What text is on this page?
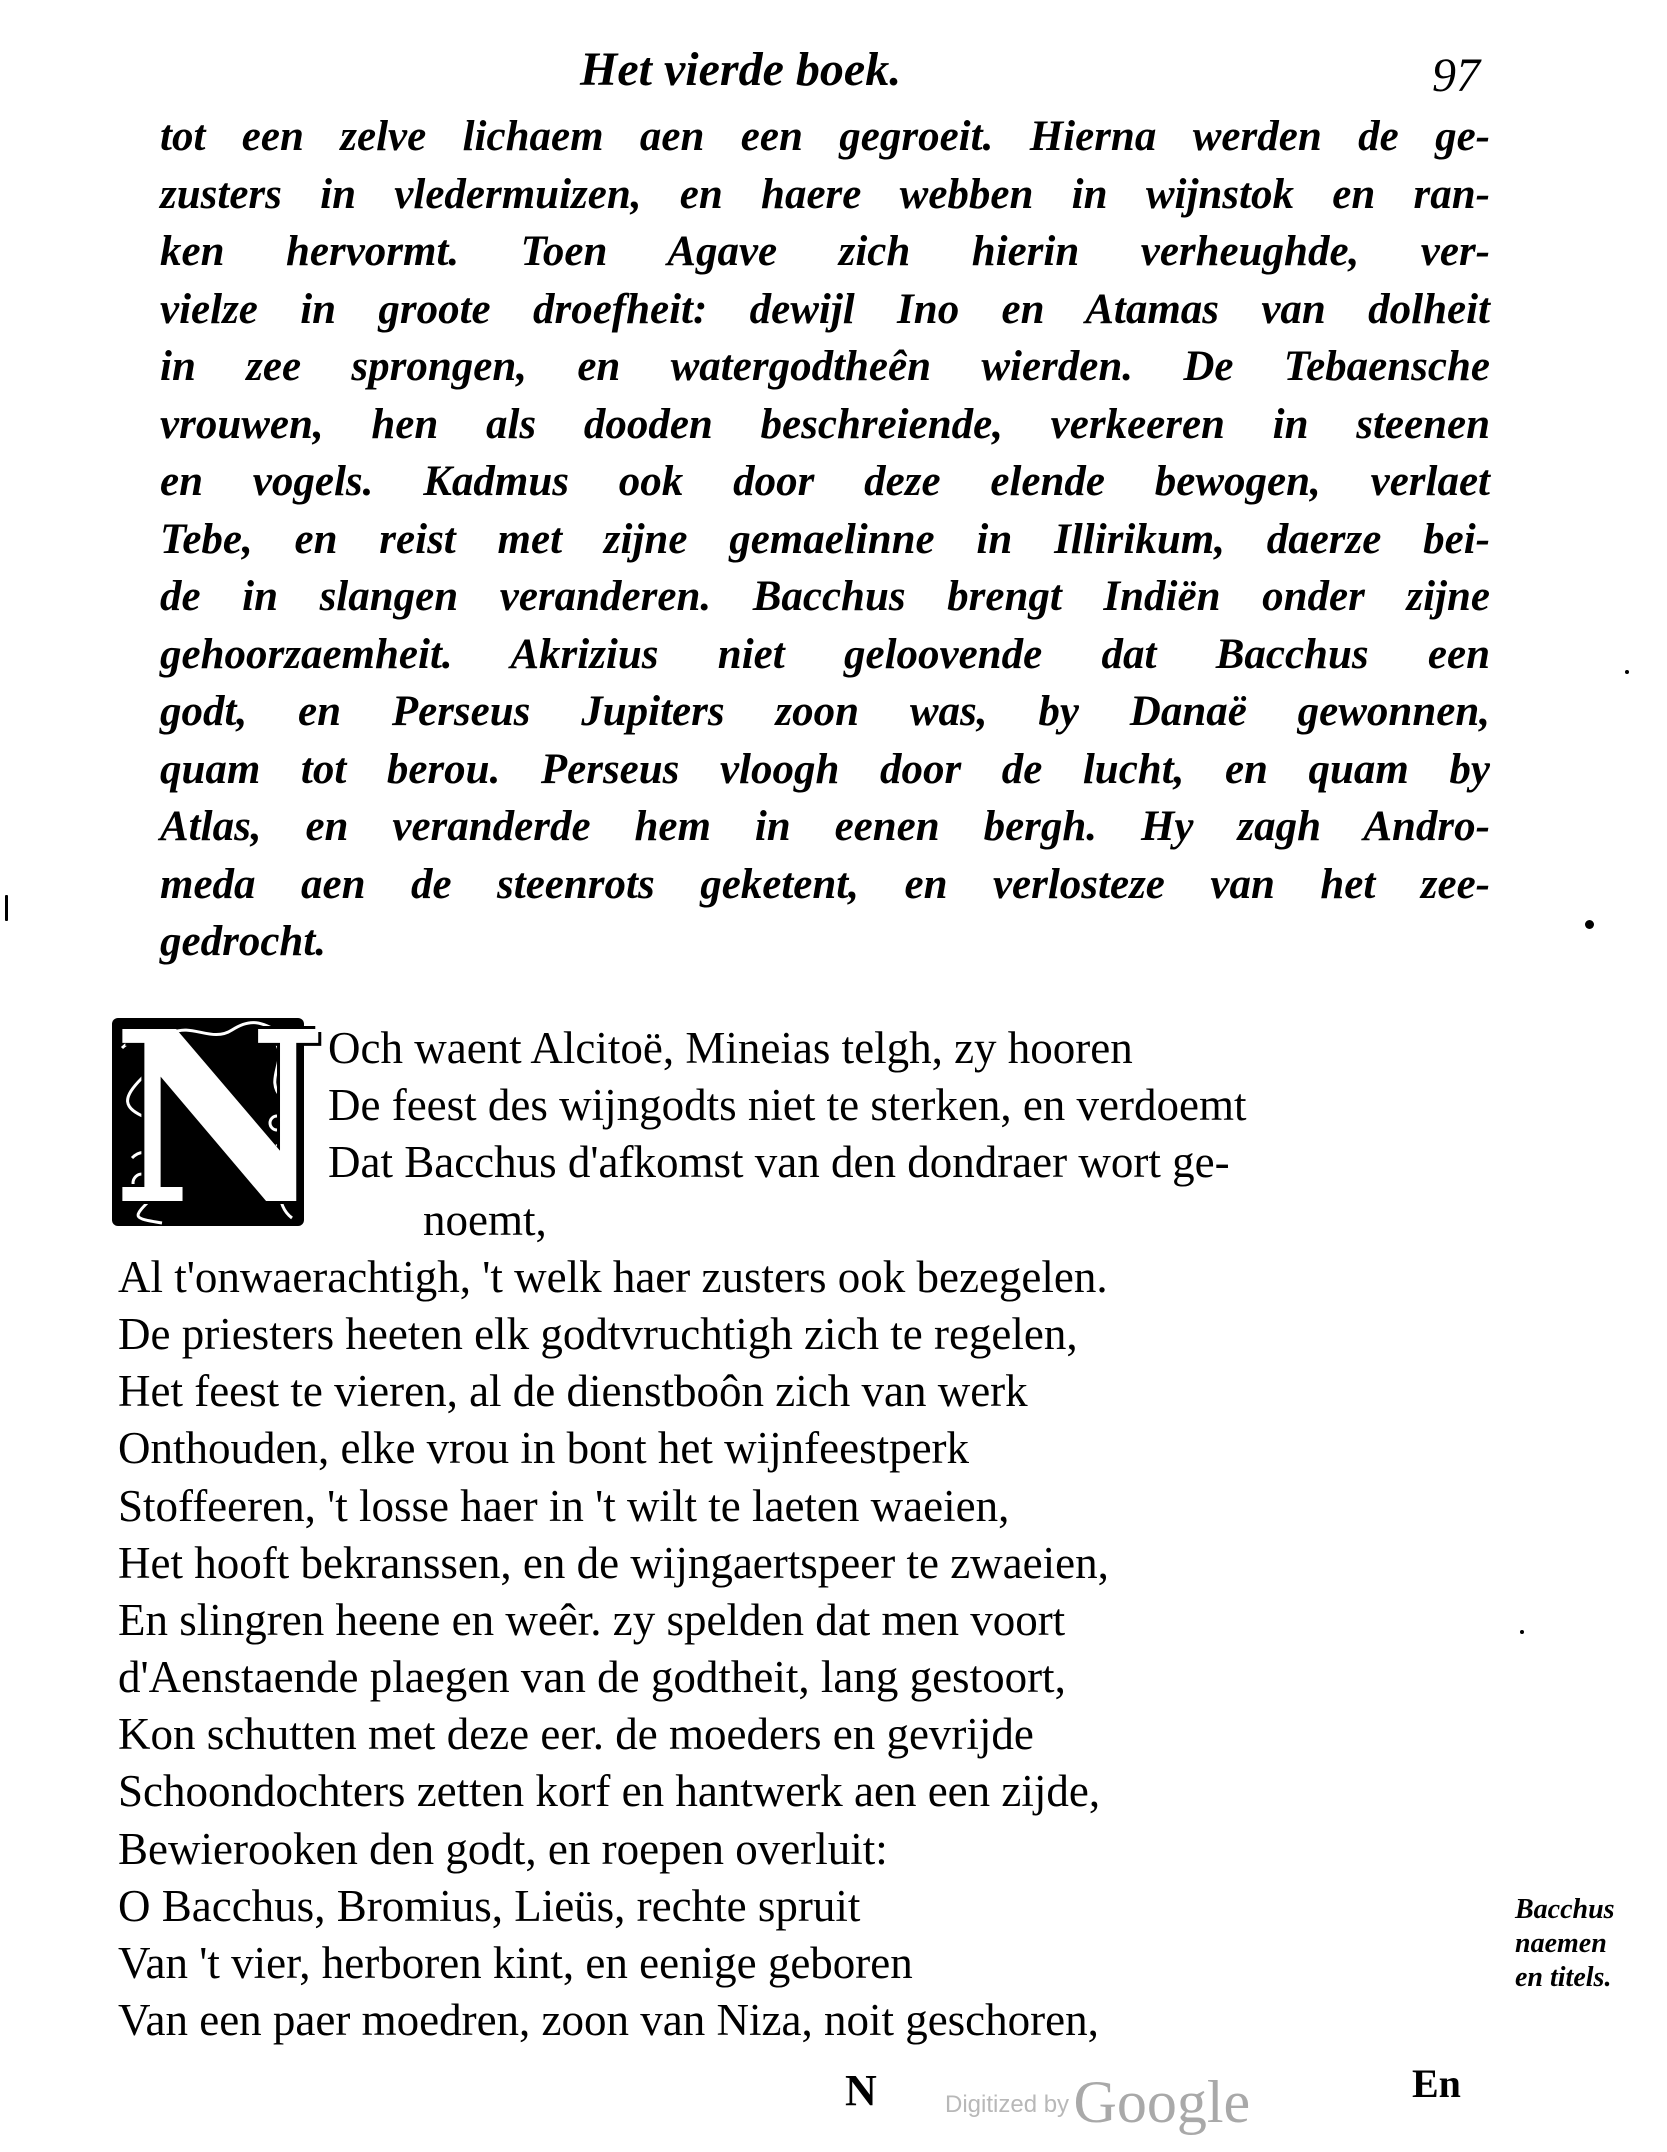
Het vierde boek.	97
tot een zelve lichaem aen een gegroeit. Hierna werden de ge-
zusters in vledermuizen, en haere webben in wijnstok en ran-
ken hervormt. Toen Agave zich hierin verheughde, ver-
vielze in groote droefheit: dewijl Ino en Atamas van dolheit
in zee sprongen, en watergodtheên wierden. De Tebaensche
vrouwen, hen als dooden beschreiende, verkeeren in steenen
en vogels. Kadmus ook door deze elende bewogen, verlaet
Tebe, en reist met zijne gemaelinne in Illirikum, daerze bei-
de in slangen veranderen. Bacchus brengt Indiën onder zijne
gehoorzaemheit. Akrizius niet geloovende dat Bacchus een
godt, en Perseus Jupiters zoon was, by Danaë gewonnen,
quam tot berou. Perseus vloogh door de lucht, en quam by
Atlas, en veranderde hem in eenen bergh. Hy zagh Andro-
meda aen de steenrots geketent, en verlosteze van het zee-
gedrocht.
N Och waent Alcitoë, Mineias telgh, zy hooren
De feest des wijngodts niet te sterken, en verdoemt
Dat Bacchus d'afkomst van den dondraer wort ge-
noemt,
Al t'onwaerachtigh, 't welk haer zusters ook bezegelen.
De priesters heeten elk godtvruchtigh zich te regelen,
Het feest te vieren, al de dienstboôn zich van werk
Onthouden, elke vrou in bont het wijnfeestperk
Stoffeeren, 't losse haer in 't wilt te laeten waeien,
Het hooft bekranssen, en de wijngaertspeer te zwaeien,
En slingren heene en weêr. zy spelden dat men voort
d'Aenstaende plaegen van de godtheit, lang gestoort,
Kon schutten met deze eer. de moeders en gevrijde
Schoondochters zetten korf en hantwerk aen een zijde,
Bewierooken den godt, en roepen overluit:
O Bacchus, Bromius, Lieüs, rechte spruit
Van 't vier, herboren kint, en eenige geboren
Van een paer moedren, zoon van Niza, noit geschoren,
Bacchus
naemen
en titels.
N	Digitized by Google	En
